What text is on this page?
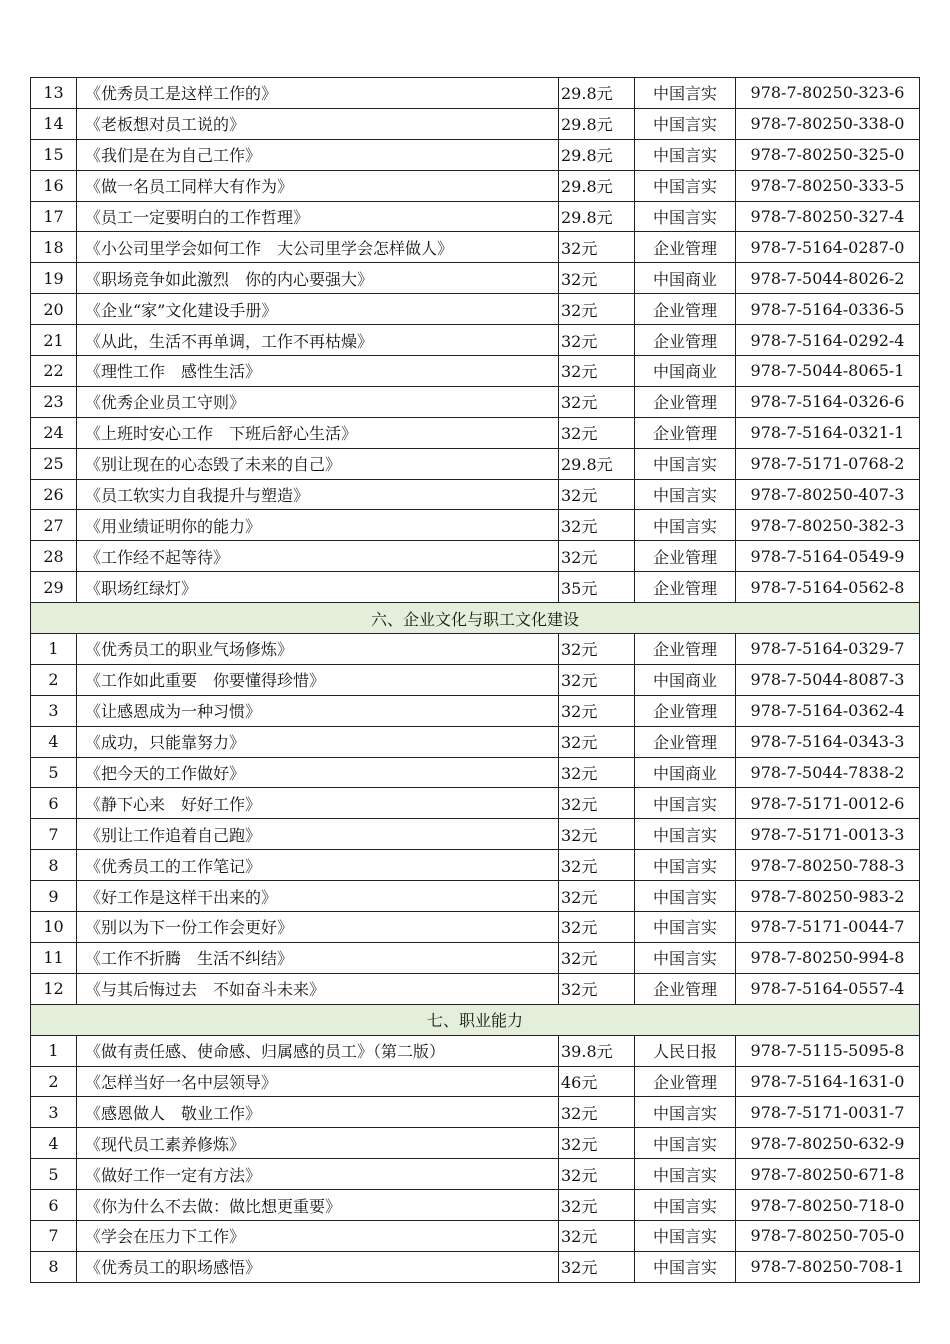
13	《优秀员工是这样工作的》	29.8元	中国言实	978-7-80250-323-6
14	《老板想对员工说的》	29.8元	中国言实	978-7-80250-338-0
15	《我们是在为自己工作》	29.8元	中国言实	978-7-80250-325-0
16	《做一名员工同样大有作为》	29.8元	中国言实	978-7-80250-333-5
17	《员工一定要明白的工作哲理》	29.8元	中国言实	978-7-80250-327-4
18	《小公司里学会如何工作　大公司里学会怎样做人》	32元	企业管理	978-7-5164-0287-0
19	《职场竞争如此激烈　你的内心要强大》	32元	中国商业	978-7-5044-8026-2
20	《企业“家”文化建设手册》	32元	企业管理	978-7-5164-0336-5
21	《从此，生活不再单调，工作不再枯燥》	32元	企业管理	978-7-5164-0292-4
22	《理性工作　感性生活》	32元	中国商业	978-7-5044-8065-1
23	《优秀企业员工守则》	32元	企业管理	978-7-5164-0326-6
24	《上班时安心工作　下班后舒心生活》	32元	企业管理	978-7-5164-0321-1
25	《别让现在的心态毁了未来的自己》	29.8元	中国言实	978-7-5171-0768-2
26	《员工软实力自我提升与塑造》	32元	中国言实	978-7-80250-407-3
27	《用业绩证明你的能力》	32元	中国言实	978-7-80250-382-3
28	《工作经不起等待》	32元	企业管理	978-7-5164-0549-9
29	《职场红绿灯》	35元	企业管理	978-7-5164-0562-8
六、企业文化与职工文化建设				
1	《优秀员工的职业气场修炼》	32元	企业管理	978-7-5164-0329-7
2	《工作如此重要　你要懂得珍惜》	32元	中国商业	978-7-5044-8087-3
3	《让感恩成为一种习惯》	32元	企业管理	978-7-5164-0362-4
4	《成功，只能靠努力》	32元	企业管理	978-7-5164-0343-3
5	《把今天的工作做好》	32元	中国商业	978-7-5044-7838-2
6	《静下心来　好好工作》	32元	中国言实	978-7-5171-0012-6
7	《别让工作追着自己跑》	32元	中国言实	978-7-5171-0013-3
8	《优秀员工的工作笔记》	32元	中国言实	978-7-80250-788-3
9	《好工作是这样干出来的》	32元	中国言实	978-7-80250-983-2
10	《别以为下一份工作会更好》	32元	中国言实	978-7-5171-0044-7
11	《工作不折腾　生活不纠结》	32元	中国言实	978-7-80250-994-8
12	《与其后悔过去　不如奋斗未来》	32元	企业管理	978-7-5164-0557-4
七、职业能力				
1	《做有责任感、使命感、归属感的员工》（第二版）	39.8元	人民日报	978-7-5115-5095-8
2	《怎样当好一名中层领导》	46元	企业管理	978-7-5164-1631-0
3	《感恩做人　敬业工作》	32元	中国言实	978-7-5171-0031-7
4	《现代员工素养修炼》	32元	中国言实	978-7-80250-632-9
5	《做好工作一定有方法》	32元	中国言实	978-7-80250-671-8
6	《你为什么不去做：做比想更重要》	32元	中国言实	978-7-80250-718-0
7	《学会在压力下工作》	32元	中国言实	978-7-80250-705-0
8	《优秀员工的职场感悟》	32元	中国言实	978-7-80250-708-1
